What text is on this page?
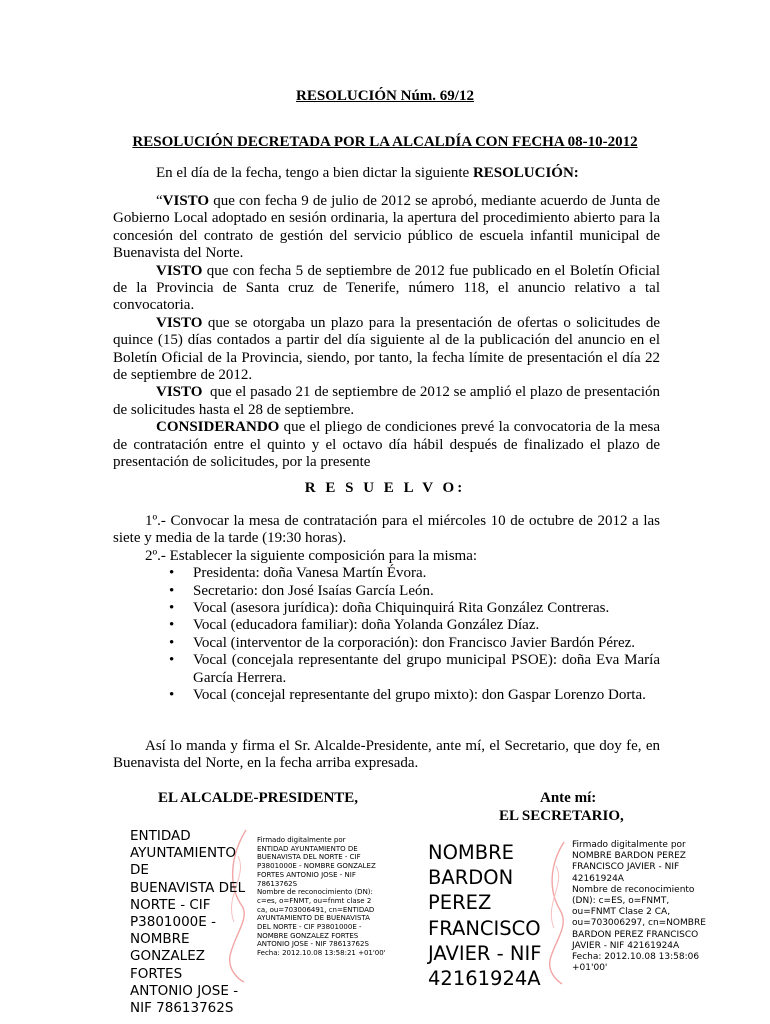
RESOLUCIÓN Núm. 69/12
RESOLUCIÓN DECRETADA POR LA ALCALDÍA CON FECHA 08-10-2012
En el día de la fecha, tengo a bien dictar la siguiente RESOLUCIÓN:

“VISTO que con fecha 9 de julio de 2012 se aprobó, mediante acuerdo de Junta de Gobierno Local adoptado en sesión ordinaria, la apertura del procedimiento abierto para la concesión del contrato de gestión del servicio público de escuela infantil municipal de Buenavista del Norte.

VISTO que con fecha 5 de septiembre de 2012 fue publicado en el Boletín Oficial de la Provincia de Santa cruz de Tenerife, número 118, el anuncio relativo a tal convocatoria.

VISTO que se otorgaba un plazo para la presentación de ofertas o solicitudes de quince (15) días contados a partir del día siguiente al de la publicación del anuncio en el Boletín Oficial de la Provincia, siendo, por tanto, la fecha límite de presentación el día 22 de septiembre de 2012.

VISTO  que el pasado 21 de septiembre de 2012 se amplió el plazo de presentación de solicitudes hasta el 28 de septiembre.

CONSIDERANDO que el pliego de condiciones prevé la convocatoria de la mesa de contratación entre el quinto y el octavo día hábil después de finalizado el plazo de presentación de solicitudes, por la presente

R E S U E L V O:

1º.- Convocar la mesa de contratación para el miércoles 10 de octubre de 2012 a las siete y media de la tarde (19:30 horas).

2º.- Establecer la siguiente composición para la misma:

• Presidenta: doña Vanesa Martín Évora.
• Secretario: don José Isaías García León.
• Vocal (asesora jurídica): doña Chiquinquirá Rita González Contreras.
• Vocal (educadora familiar): doña Yolanda González Díaz.
• Vocal (interventor de la corporación): don Francisco Javier Bardón Pérez.
• Vocal (concejala representante del grupo municipal PSOE): doña Eva María García Herrera.
• Vocal (concejal representante del grupo mixto): don Gaspar Lorenzo Dorta.

Así lo manda y firma el Sr. Alcalde-Presidente, ante mí, el Secretario, que doy fe, en Buenavista del Norte, en la fecha arriba expresada.

EL ALCALDE-PRESIDENTE,	Ante mí:
EL SECRETARIO,
ENTIDAD
AYUNTAMIENTO DE
BUENAVISTA DEL
NORTE - CIF
P3801000E -
NOMBRE
GONZALEZ FORTES
ANTONIO JOSE -
NIF 78613762S
Firmado digitalmente por
ENTIDAD AYUNTAMIENTO DE
BUENAVISTA DEL NORTE - CIF
P3801000E - NOMBRE GONZALEZ
FORTES ANTONIO JOSE - NIF
78613762S
Nombre de reconocimiento (DN):
c=es, o=FNMT, ou=fnmt clase 2
ca, ou=703006491, cn=ENTIDAD
AYUNTAMIENTO DE BUENAVISTA
DEL NORTE - CIF P3801000E -
NOMBRE GONZALEZ FORTES
ANTONIO JOSE - NIF 78613762S
Fecha: 2012.10.08 13:58:21 +01'00'
NOMBRE
BARDON
PEREZ
FRANCISCO
JAVIER - NIF
42161924A
Firmado digitalmente por
NOMBRE BARDON PEREZ
FRANCISCO JAVIER - NIF
42161924A
Nombre de reconocimiento
(DN): c=ES, o=FNMT,
ou=FNMT Clase 2 CA,
ou=703006297, cn=NOMBRE
BARDON PEREZ FRANCISCO
JAVIER - NIF 42161924A
Fecha: 2012.10.08 13:58:06
+01'00'
